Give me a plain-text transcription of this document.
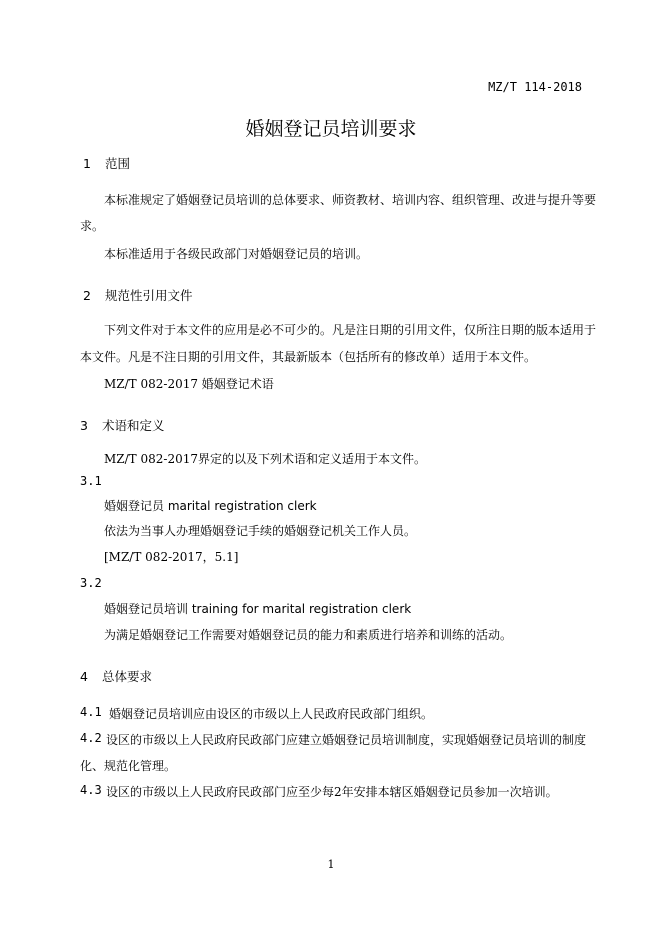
MZ/T 114-2018
婚姻登记员培训要求
1 范围
本标准规定了婚姻登记员培训的总体要求、师资教材、培训内容、组织管理、改进与提升等要
求。
本标准适用于各级民政部门对婚姻登记员的培训。
2 规范性引用文件
下列文件对于本文件的应用是必不可少的。凡是注日期的引用文件，仅所注日期的版本适用于
本文件。凡是不注日期的引用文件，其最新版本（包括所有的修改单）适用于本文件。
MZ/T 082-2017 婚姻登记术语
3 术语和定义
MZ/T 082-2017界定的以及下列术语和定义适用于本文件。
3.1
婚姻登记员 marital registration clerk
依法为当事人办理婚姻登记手续的婚姻登记机关工作人员。
[MZ/T 082-2017，5.1]
3.2
婚姻登记员培训 training for marital registration clerk
为满足婚姻登记工作需要对婚姻登记员的能力和素质进行培养和训练的活动。
4 总体要求
4.1 婚姻登记员培训应由设区的市级以上人民政府民政部门组织。
4.2 设区的市级以上人民政府民政部门应建立婚姻登记员培训制度，实现婚姻登记员培训的制度
化、规范化管理。
4.3 设区的市级以上人民政府民政部门应至少每2年安排本辖区婚姻登记员参加一次培训。
1
